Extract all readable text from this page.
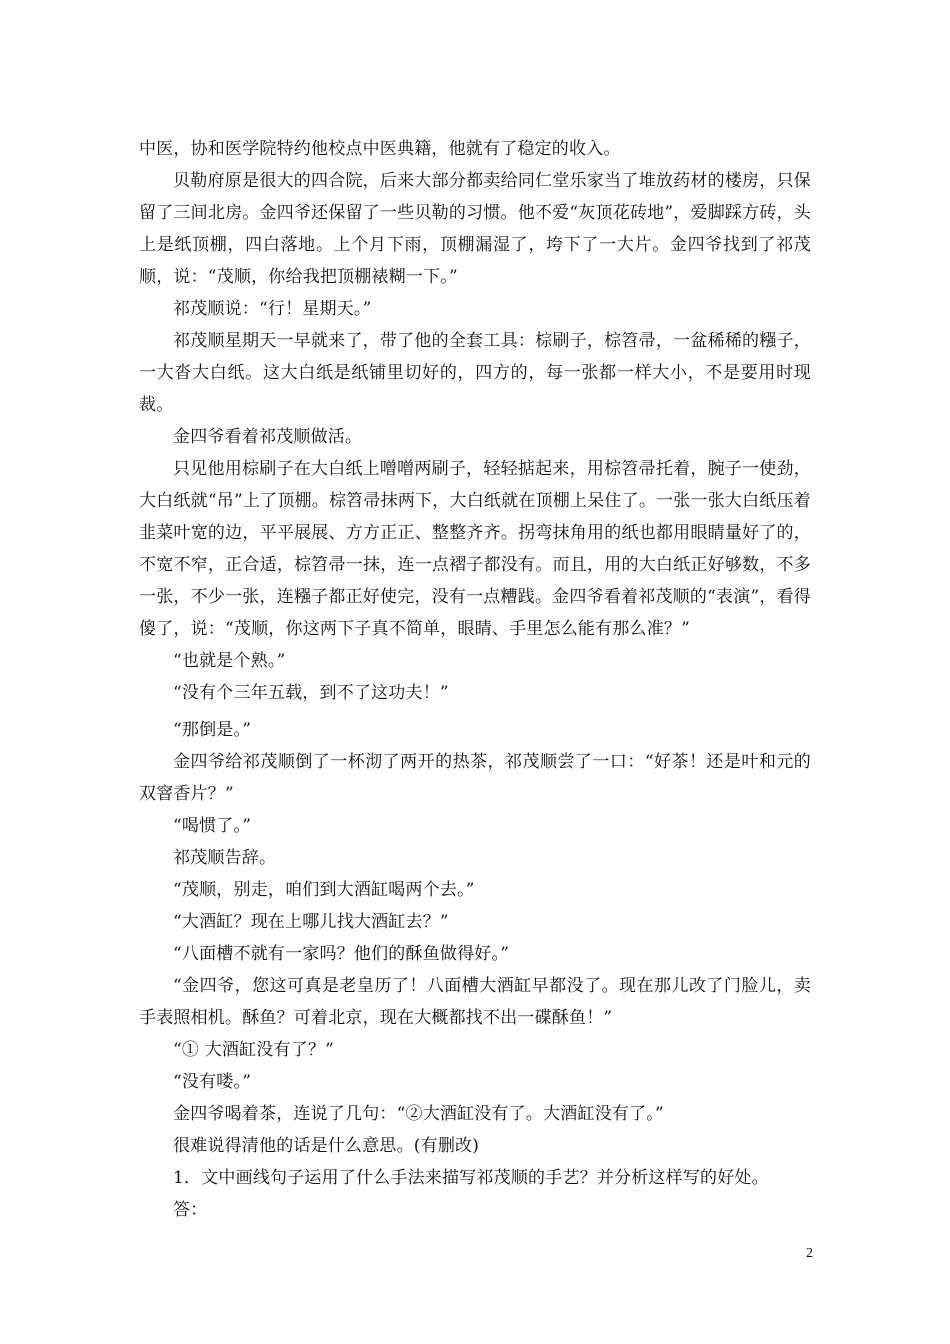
中医，协和医学院特约他校点中医典籍，他就有了稳定的收入。

贝勒府原是很大的四合院，后来大部分都卖给同仁堂乐家当了堆放药材的楼房，只保留了三间北房。金四爷还保留了一些贝勒的习惯。他不爱“灰顶花砖地”，爱脚踩方砖，头上是纸顶棚，四白落地。上个月下雨，顶棚漏湿了，垮下了一大片。金四爷找到了祁茂顺，说：“茂顺，你给我把顶棚裱糊一下。”

祁茂顺说：“行！星期天。”

祁茂顺星期天一早就来了，带了他的全套工具：棕刷子，棕笤帚，一盆稀稀的糨子，一大沓大白纸。这大白纸是纸铺里切好的，四方的，每一张都一样大小，不是要用时现裁。

金四爷看着祁茂顺做活。

只见他用棕刷子在大白纸上噌噌两刷子，轻轻掂起来，用棕笤帚托着，腕子一使劲，大白纸就“吊”上了顶棚。棕笤帚抹两下，大白纸就在顶棚上呆住了。一张一张大白纸压着韭菜叶宽的边，平平展展、方方正正、整整齐齐。拐弯抹角用的纸也都用眼睛量好了的，不宽不窄，正合适，棕笤帚一抹，连一点褶子都没有。而且，用的大白纸正好够数，不多一张，不少一张，连糨子都正好使完，没有一点糟践。金四爷看着祁茂顺的“表演”，看得傻了，说：“茂顺，你这两下子真不简单，眼睛、手里怎么能有那么准？”

“也就是个熟。”

“没有个三年五载，到不了这功夫！”

“那倒是。”

金四爷给祁茂顺倒了一杯沏了两开的热茶，祁茂顺尝了一口：“好茶！还是叶和元的双窨香片？”

“喝惯了。”

祁茂顺告辞。

“茂顺，别走，咱们到大酒缸喝两个去。”

“大酒缸？现在上哪儿找大酒缸去？”

“八面槽不就有一家吗？他们的酥鱼做得好。”

“金四爷，您这可真是老皇历了！八面槽大酒缸早都没了。现在那儿改了门脸儿，卖手表照相机。酥鱼？可着北京，现在大概都找不出一碟酥鱼！”

“① 大酒缸没有了？”

“没有喽。”

金四爷喝着茶，连说了几句：“②大酒缸没有了。大酒缸没有了。”

很难说得清他的话是什么意思。(有删改)

1．文中画线句子运用了什么手法来描写祁茂顺的手艺？并分析这样写的好处。

答：

2
